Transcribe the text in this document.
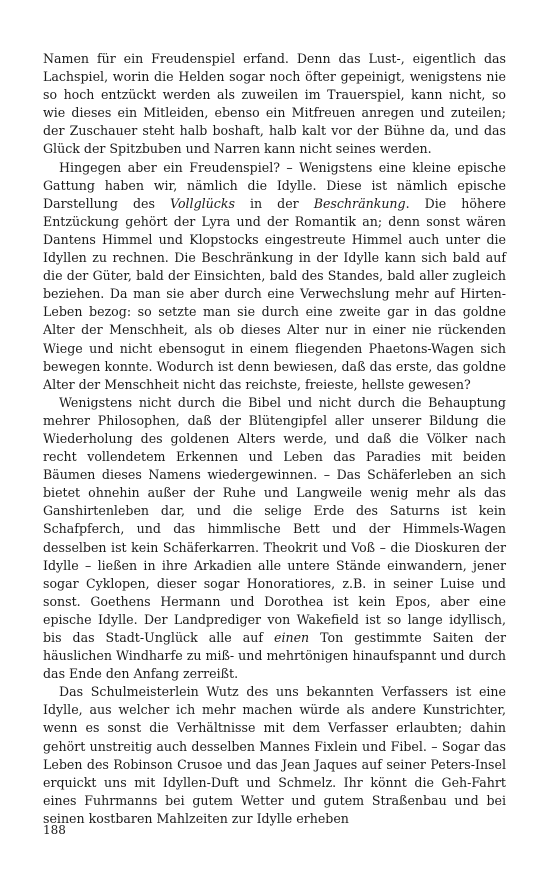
Namen für ein Freudenspiel erfand. Denn das Lust-, eigentlich das Lachspiel, worin die Helden sogar noch öfter gepeinigt, wenigstens nie so hoch entzückt werden als zuweilen im Trauerspiel, kann nicht, so wie dieses ein Mitleiden, ebenso ein Mitfreuen anregen und zuteilen; der Zuschauer steht halb boshaft, halb kalt vor der Bühne da, und das Glück der Spitzbuben und Narren kann nicht seines werden.

Hingegen aber ein Freudenspiel? – Wenigstens eine kleine epische Gattung haben wir, nämlich die Idylle. Diese ist nämlich epische Darstellung des Vollglücks in der Beschränkung. Die höhere Entzückung gehört der Lyra und der Romantik an; denn sonst wären Dantens Himmel und Klopstocks eingestreute Himmel auch unter die Idyllen zu rechnen. Die Beschränkung in der Idylle kann sich bald auf die der Güter, bald der Einsichten, bald des Standes, bald aller zugleich beziehen. Da man sie aber durch eine Verwechslung mehr auf Hirten-Leben bezog: so setzte man sie durch eine zweite gar in das goldne Alter der Menschheit, als ob dieses Alter nur in einer nie rückenden Wiege und nicht ebensogut in einem fliegenden Phaetons-Wagen sich bewegen konnte. Wodurch ist denn bewiesen, daß das erste, das goldne Alter der Menschheit nicht das reichste, freieste, hellste gewesen?

Wenigstens nicht durch die Bibel und nicht durch die Behauptung mehrer Philosophen, daß der Blütengipfel aller unserer Bildung die Wiederholung des goldenen Alters werde, und daß die Völker nach recht vollendetem Erkennen und Leben das Paradies mit beiden Bäumen dieses Namens wiedergewinnen. – Das Schäferleben an sich bietet ohnehin außer der Ruhe und Langweile wenig mehr als das Ganshirtenleben dar, und die selige Erde des Saturns ist kein Schafpferch, und das himmlische Bett und der Himmels-Wagen desselben ist kein Schäferkarren. Theokrit und Voß – die Dioskuren der Idylle – ließen in ihre Arkadien alle untere Stände einwandern, jener sogar Cyklopen, dieser sogar Honoratiores, z.B. in seiner Luise und sonst. Goethens Hermann und Dorothea ist kein Epos, aber eine epische Idylle. Der Landprediger von Wakefield ist so lange idyllisch, bis das Stadt-Unglück alle auf einen Ton gestimmte Saiten der häuslichen Windharfe zu miß- und mehrtönigen hinaufspannt und durch das Ende den Anfang zerreißt.

Das Schulmeisterlein Wutz des uns bekannten Verfassers ist eine Idylle, aus welcher ich mehr machen würde als andere Kunstrichter, wenn es sonst die Verhältnisse mit dem Verfasser erlaubten; dahin gehört unstreitig auch desselben Mannes Fixlein und Fibel. – Sogar das Leben des Robinson Crusoe und das Jean Jaques auf seiner Peters-Insel erquickt uns mit Idyllen-Duft und Schmelz. Ihr könnt die Geh-Fahrt eines Fuhrmanns bei gutem Wetter und gutem Straßenbau und bei seinen kostbaren Mahlzeiten zur Idylle erheben

188
